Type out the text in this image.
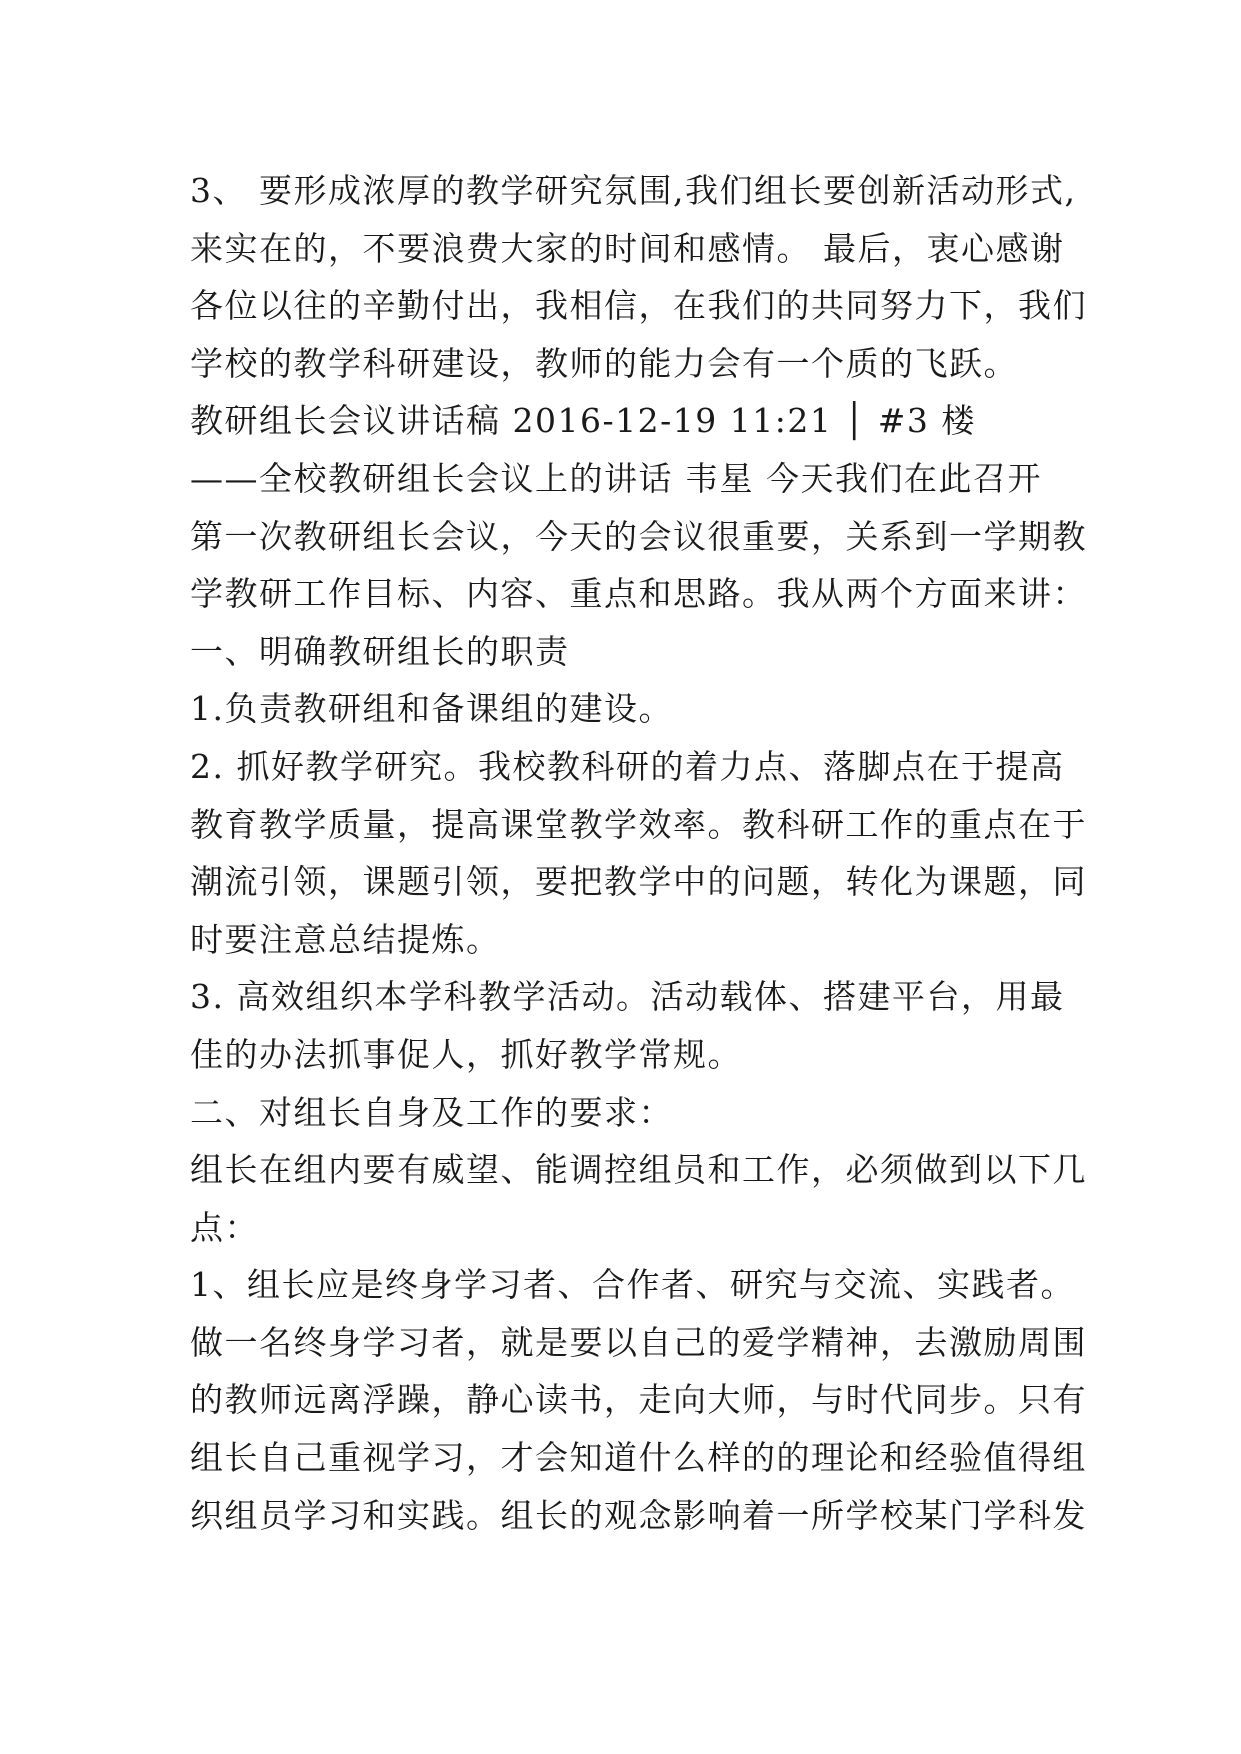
3、 要形成浓厚的教学研究氛围,我们组长要创新活动形式,
来实在的，不要浪费大家的时间和感情。 最后，衷心感谢
各位以往的辛勤付出，我相信，在我们的共同努力下，我们
学校的教学科研建设，教师的能力会有一个质的飞跃。
教研组长会议讲话稿 2016-12-19 11:21 │ #3 楼
——全校教研组长会议上的讲话 韦星 今天我们在此召开
第一次教研组长会议，今天的会议很重要，关系到一学期教
学教研工作目标、内容、重点和思路。我从两个方面来讲：
一、明确教研组长的职责
1.负责教研组和备课组的建设。
2. 抓好教学研究。我校教科研的着力点、落脚点在于提高
教育教学质量，提高课堂教学效率。教科研工作的重点在于
潮流引领，课题引领，要把教学中的问题，转化为课题，同
时要注意总结提炼。
3. 高效组织本学科教学活动。活动载体、搭建平台，用最
佳的办法抓事促人，抓好教学常规。
二、对组长自身及工作的要求：
组长在组内要有威望、能调控组员和工作，必须做到以下几
点：
1、组长应是终身学习者、合作者、研究与交流、实践者。
做一名终身学习者，就是要以自己的爱学精神，去激励周围
的教师远离浮躁，静心读书，走向大师，与时代同步。只有
组长自己重视学习，才会知道什么样的的理论和经验值得组
织组员学习和实践。组长的观念影响着一所学校某门学科发
